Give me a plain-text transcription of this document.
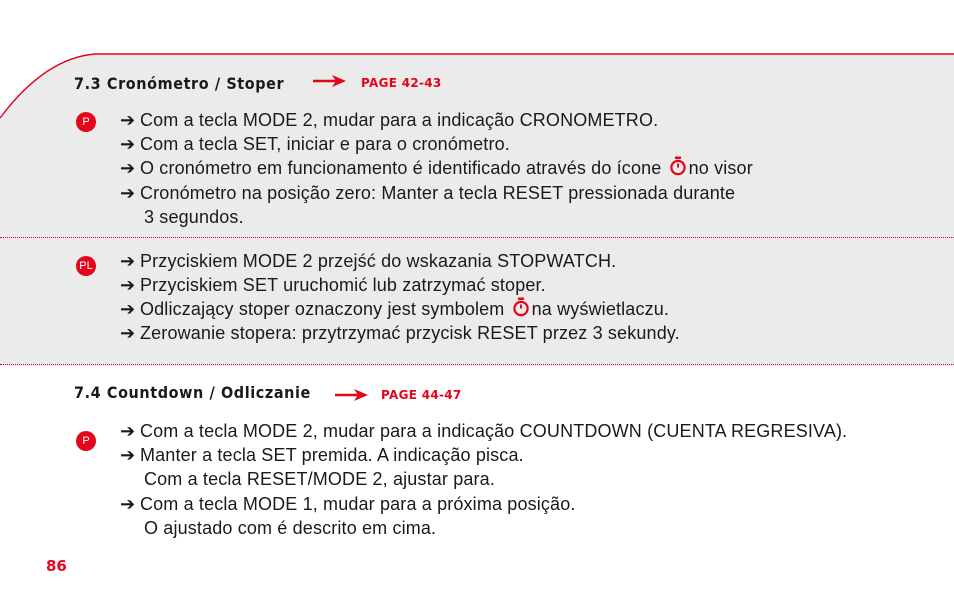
7.3 Cronómetro / Stoper	PAGE 42-43
P	➔ Com a tecla MODE 2, mudar para a indicação CRONOMETRO.
➔ Com a tecla SET, iniciar e para o cronómetro.
➔ O cronómetro em funcionamento é identificado através do ícone no visor
➔ Cronómetro na posição zero: Manter a tecla RESET pressionada durante
3 segundos.
PL ➔ Przyciskiem MODE 2 przejść do wskazania STOPWATCH.
➔ Przyciskiem SET uruchomić lub zatrzymać stoper.
➔ Odliczający stoper oznaczony jest symbolem na wyświetlaczu.
➔ Zerowanie stopera: przytrzymać przycisk RESET przez 3 sekundy.
7.4 Countdown / Odliczanie	PAGE 44-47
P	➔ Com a tecla MODE 2, mudar para a indicação COUNTDOWN (CUENTA REGRESIVA).
➔ Manter a tecla SET premida. A indicação pisca.
Com a tecla RESET/MODE 2, ajustar para.
➔ Com a tecla MODE 1, mudar para a próxima posição.
O ajustado com é descrito em cima.
86
